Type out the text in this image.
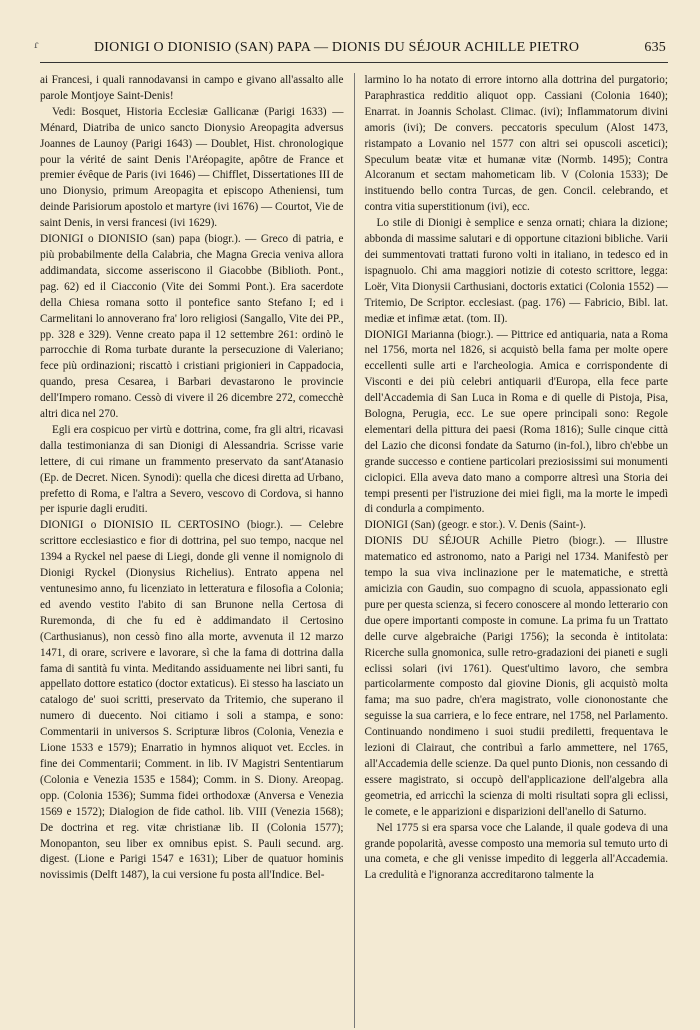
ɾ	DIONIGI O DIONISIO (SAN) PAPA — DIONIS DU SÉJOUR ACHILLE PIETRO	635

ai Francesi, i quali rannodavansi in campo e givano all'assalto alle parole Montjoye Saint-Denis!

Vedi: Bosquet, Historia Ecclesiæ Gallicanæ (Parigi 1633) — Ménard, Diatriba de unico sancto Dionysio Areopagita adversus Joannes de Launoy (Parigi 1643) — Doublet, Hist. chronologique pour la vérité de saint Denis l'Aréopagite, apôtre de France et premier évêque de Paris (ivi 1646) — Chifflet, Dissertationes III de uno Dionysio, primum Areopagita et episcopo Atheniensi, tum deinde Parisiorum apostolo et martyre (ivi 1676) — Courtot, Vie de saint Denis, in versi francesi (ivi 1629).

DIONIGI o DIONISIO (san) papa (biogr.). — Greco di patria, e più probabilmente della Calabria, che Magna Grecia veniva allora addimandata, siccome asseriscono il Giacobbe (Biblioth. Pont., pag. 62) ed il Ciacconio (Vite dei Sommi Pont.). Era sacerdote della Chiesa romana sotto il pontefice santo Stefano I; ed i Carmelitani lo annoverano fra' loro religiosi (Sangallo, Vite dei PP., pp. 328 e 329). Venne creato papa il 12 settembre 261: ordinò le parrocchie di Roma turbate durante la persecuzione di Valeriano; fece più ordinazioni; riscattò i cristiani prigionieri in Cappadocia, quando, presa Cesarea, i Barbari devastarono le provincie dell'Impero romano. Cessò di vivere il 26 dicembre 272, comecchè altri dica nel 270.

Egli era cospicuo per virtù e dottrina, come, fra gli altri, ricavasi dalla testimonianza di san Dionigi di Alessandria. Scrisse varie lettere, di cui rimane un frammento preservato da sant'Atanasio (Ep. de Decret. Nicen. Synodi): quella che dicesi diretta ad Urbano, prefetto di Roma, e l'altra a Severo, vescovo di Cordova, si hanno per ispurie dagli eruditi.

DIONIGI o DIONISIO IL CERTOSINO (biogr.). — Celebre scrittore ecclesiastico e fior di dottrina, pel suo tempo, nacque nel 1394 a Ryckel nel paese di Liegi, donde gli venne il nomignolo di Dionigi Ryckel (Dionysius Richelius). Entrato appena nel ventunesimo anno, fu licenziato in letteratura e filosofia a Colonia; ed avendo vestito l'abito di san Brunone nella Certosa di Ruremonda, di che fu ed è addimandato il Certosino (Carthusianus), non cessò fino alla morte, avvenuta il 12 marzo 1471, di orare, scrivere e lavorare, sì che la fama di dottrina dalla fama di santità fu vinta. Meditando assiduamente nei libri santi, fu appellato dottore estatico (doctor extaticus). Ei stesso ha lasciato un catalogo de' suoi scritti, preservato da Tritemio, che superano il numero di duecento. Noi citiamo i soli a stampa, e sono: Commentarii in universos S. Scripturæ libros (Colonia, Venezia e Lione 1533 e 1579); Enarratio in hymnos aliquot vet. Eccles. in fine dei Commentarii; Comment. in lib. IV Magistri Sententiarum (Colonia e Venezia 1535 e 1584); Comm. in S. Diony. Areopag. opp. (Colonia 1536); Summa fidei orthodoxæ (Anversa e Venezia 1569 e 1572); Dialogion de fide cathol. lib. VIII (Venezia 1568); De doctrina et reg. vitæ christianæ lib. II (Colonia 1577); Monopanton, seu liber ex omnibus epist. S. Pauli secund. arg. digest. (Lione e Parigi 1547 e 1631); Liber de quatuor hominis novissimis (Delft 1487), la cui versione fu posta all'Indice. Bel-

larmino lo ha notato di errore intorno alla dottrina del purgatorio; Paraphrastica redditio aliquot opp. Cassiani (Colonia 1640); Enarrat. in Joannis Scholast. Climac. (ivi); Inflammatorum divini amoris (ivi); De convers. peccatoris speculum (Alost 1473, ristampato a Lovanio nel 1577 con altri sei opuscoli ascetici); Speculum beatæ vitæ et humanæ vitæ (Normb. 1495); Contra Alcoranum et sectam mahometicam lib. V (Colonia 1533); De instituendo bello contra Turcas, de gen. Concil. celebrando, et contra vitia superstitionum (ivi), ecc.

Lo stile di Dionigi è semplice e senza ornati; chiara la dizione; abbonda di massime salutari e di opportune citazioni bibliche. Varii dei summentovati trattati furono volti in italiano, in tedesco ed in ispagnuolo. Chi ama maggiori notizie di cotesto scrittore, legga: Loër, Vita Dionysii Carthusiani, doctoris extatici (Colonia 1552) — Tritemio, De Scriptor. ecclesiast. (pag. 176) — Fabricio, Bibl. lat. mediæ et infimæ ætat. (tom. II).

DIONIGI Marianna (biogr.). — Pittrice ed antiquaria, nata a Roma nel 1756, morta nel 1826, si acquistò bella fama per molte opere eccellenti sulle arti e l'archeologia. Amica e corrispondente di Visconti e dei più celebri antiquarii d'Europa, ella fece parte dell'Accademia di San Luca in Roma e di quelle di Pistoja, Pisa, Bologna, Perugia, ecc. Le sue opere principali sono: Regole elementari della pittura dei paesi (Roma 1816); Sulle cinque città del Lazio che diconsi fondate da Saturno (in-fol.), libro ch'ebbe un grande successo e contiene particolari preziosissimi sui monumenti ciclopici. Ella aveva dato mano a comporre altresì una Storia dei tempi presenti per l'istruzione dei miei figli, ma la morte le impedì di condurla a compimento.

DIONIGI (San) (geogr. e stor.). V. Denis (Saint-).

DIONIS DU SÉJOUR Achille Pietro (biogr.). — Illustre matematico ed astronomo, nato a Parigi nel 1734. Manifestò per tempo la sua viva inclinazione per le matematiche, e strettà amicizia con Gaudin, suo compagno di scuola, appassionato egli pure per questa scienza, si fecero conoscere al mondo letterario con due opere importanti composte in comune. La prima fu un Trattato delle curve algebraiche (Parigi 1756); la seconda è intitolata: Ricerche sulla gnomonica, sulle retro-gradazioni dei pianeti e sugli eclissi solari (ivi 1761). Quest'ultimo lavoro, che sembra particolarmente composto dal giovine Dionis, gli acquistò molta fama; ma suo padre, ch'era magistrato, volle ciononostante che seguisse la sua carriera, e lo fece entrare, nel 1758, nel Parlamento. Continuando nondimeno i suoi studii prediletti, frequentava le lezioni di Clairaut, che contribuì a farlo ammettere, nel 1765, all'Accademia delle scienze. Da quel punto Dionis, non cessando di essere magistrato, si occupò dell'applicazione dell'algebra alla geometria, ed arricchì la scienza di molti risultati sopra gli eclissi, le comete, e le apparizioni e disparizioni dell'anello di Saturno.

Nel 1775 si era sparsa voce che Lalande, il quale godeva di una grande popolarità, avesse composto una memoria sul temuto urto di una cometa, e che gli venisse impedito di leggerla all'Accademia. La credulità e l'ignoranza accreditarono talmente la
